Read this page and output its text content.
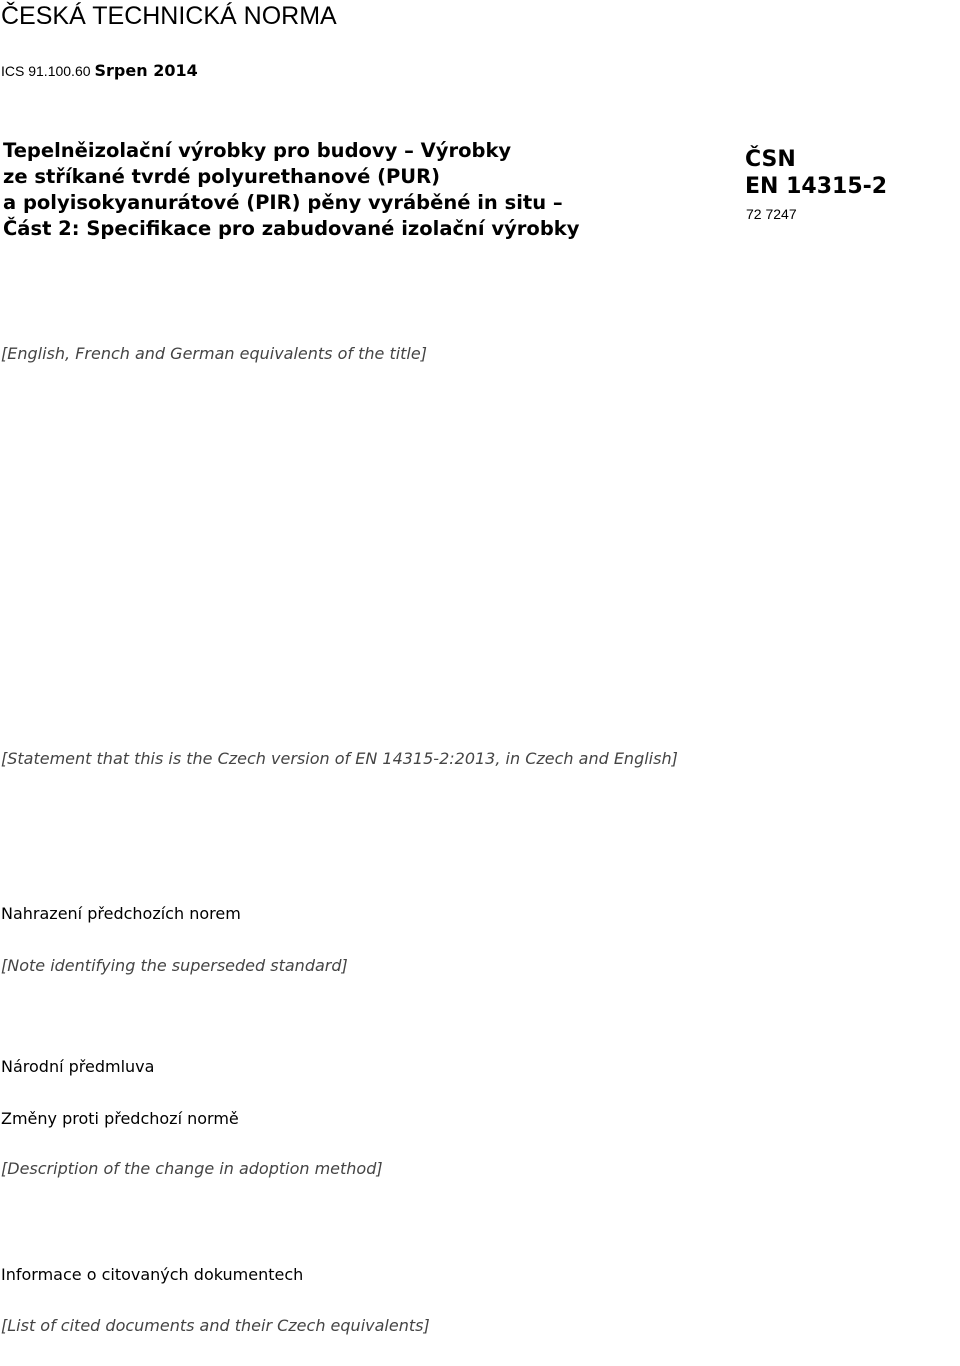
ČESKÁ TECHNICKÁ NORMA
ICS 91.100.60 Srpen 2014
Tepelněizolační výrobky pro budovy – Výrobky
ze stříkané tvrdé polyurethanové (PUR)
a polyisokyanurátové (PIR) pěny vyráběné in situ –
Část 2: Specifikace pro zabudované izolační výrobky
ČSN
EN 14315-2
72 7247
[English, French and German equivalents of the title]
[Statement that this is the Czech version of EN 14315-2:2013, in Czech and English]
Nahrazení předchozích norem
[Note identifying the superseded standard]
Národní předmluva
Změny proti předchozí normě
[Description of the change in adoption method]
Informace o citovaných dokumentech
[List of cited documents and their Czech equivalents]
